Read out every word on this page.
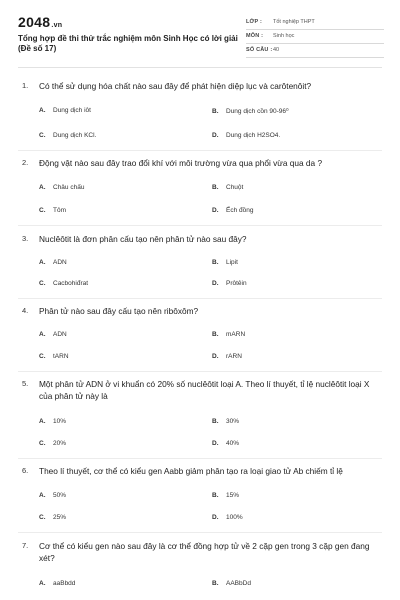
2048.vn
Tổng hợp đề thi thử trắc nghiệm môn Sinh Học có lời giải (Đề số 17)
LỚP : Tốt nghiệp THPT
MÔN : Sinh học
SỐ CÂU : 40
1. Có thể sử dụng hóa chất nào sau đây để phát hiện diệp lục và carôtenôit?
A. Dung dịch iôt	B. Dung dịch cồn 90-96⁰
C. Dung dịch KCl.	D. Dung dịch H2SO4.
2. Động vật nào sau đây trao đổi khí với môi trường vừa qua phổi vừa qua da ?
A. Châu chấu	B. Chuột
C. Tôm	D. Ếch đồng
3. Nuclêôtit là đơn phân cấu tạo nên phân tử nào sau đây?
A. ADN	B. Lipit
C. Cacbohiđrat	D. Prôtêin
4. Phân tử nào sau đây cấu tạo nên ribôxôm?
A. ADN	B. mARN
C. tARN	D. rARN
5. Một phân tử ADN ở vi khuẩn có 20% số nuclêôtit loại A. Theo lí thuyết, tỉ lệ nuclêôtit loại X của phân tử này là
A. 10%	B. 30%
C. 20%	D. 40%
6. Theo lí thuyết, cơ thể có kiểu gen Aabb giảm phân tạo ra loại giao tử Ab chiếm tỉ lệ
A. 50%	B. 15%
C. 25%	D. 100%
7. Cơ thể có kiểu gen nào sau đây là cơ thể đồng hợp tử về 2 cặp gen trong 3 cặp gen đang xét?
A. aaBbdd	B. AABbDd
